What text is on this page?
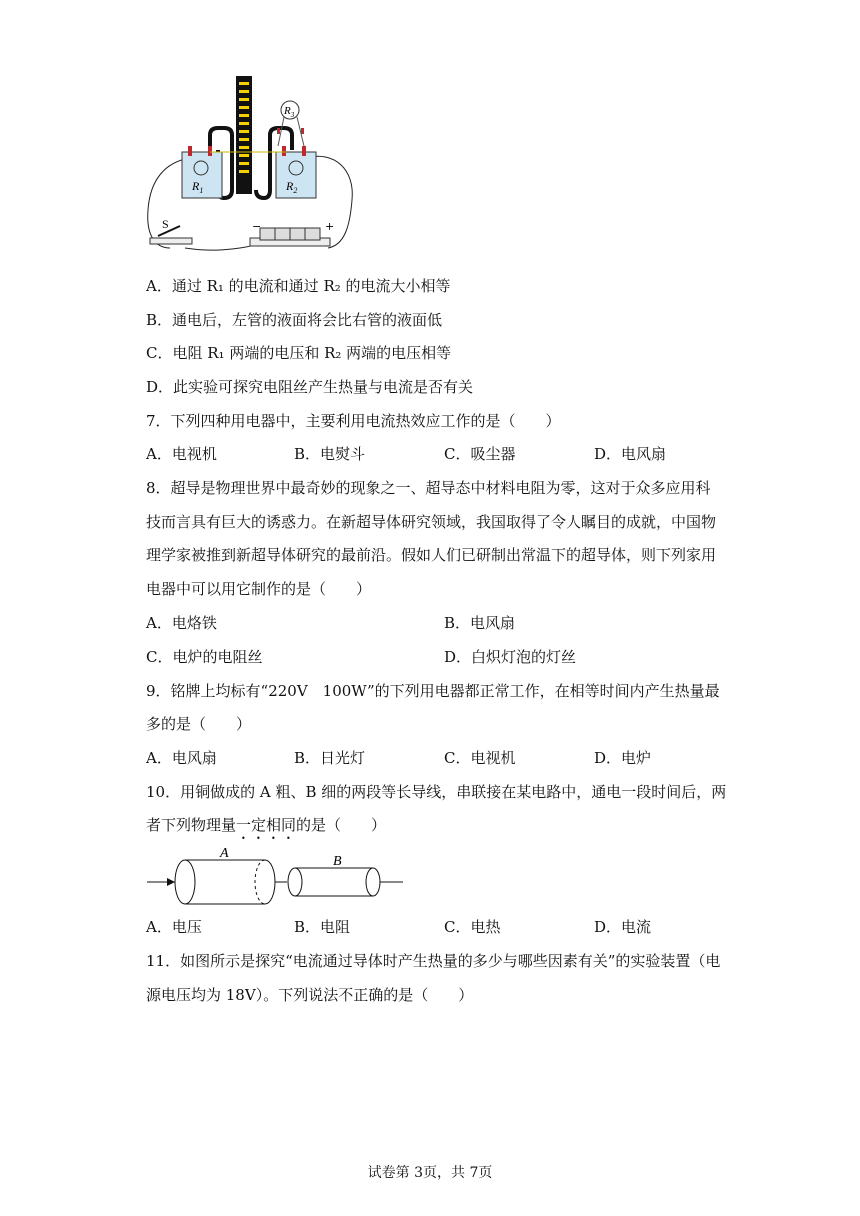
$R_3$
$R_1$	$R_2$
S	−	+
A．通过 R₁ 的电流和通过 R₂ 的电流大小相等
B．通电后，左管的液面将会比右管的液面低
C．电阻 R₁ 两端的电压和 R₂ 两端的电压相等
D．此实验可探究电阻丝产生热量与电流是否有关
7．下列四种用电器中，主要利用电流热效应工作的是（　　）
A．电视机	B．电熨斗	C．吸尘器	D．电风扇
8．超导是物理世界中最奇妙的现象之一、超导态中材料电阻为零，这对于众多应用科
技而言具有巨大的诱惑力。在新超导体研究领域，我国取得了令人瞩目的成就，中国物
理学家被推到新超导体研究的最前沿。假如人们已研制出常温下的超导体，则下列家用
电器中可以用它制作的是（　　）
A．电烙铁	B．电风扇
C．电炉的电阻丝	D．白炽灯泡的灯丝
9．铭牌上均标有“220V　100W”的下列用电器都正常工作，在相等时间内产生热量最
多的是（　　）
A．电风扇	B．日光灯	C．电视机	D．电炉
10．用铜做成的 A 粗、B 细的两段等长导线，串联接在某电路中，通电一段时间后，两
者下列物理量一定相同的是（　　）
A
B
A．电压	B．电阻	C．电热	D．电流
11．如图所示是探究“电流通过导体时产生热量的多少与哪些因素有关”的实验装置（电
源电压均为 18V）。下列说法不正确的是（　　）
试卷第 3页，共 7页
